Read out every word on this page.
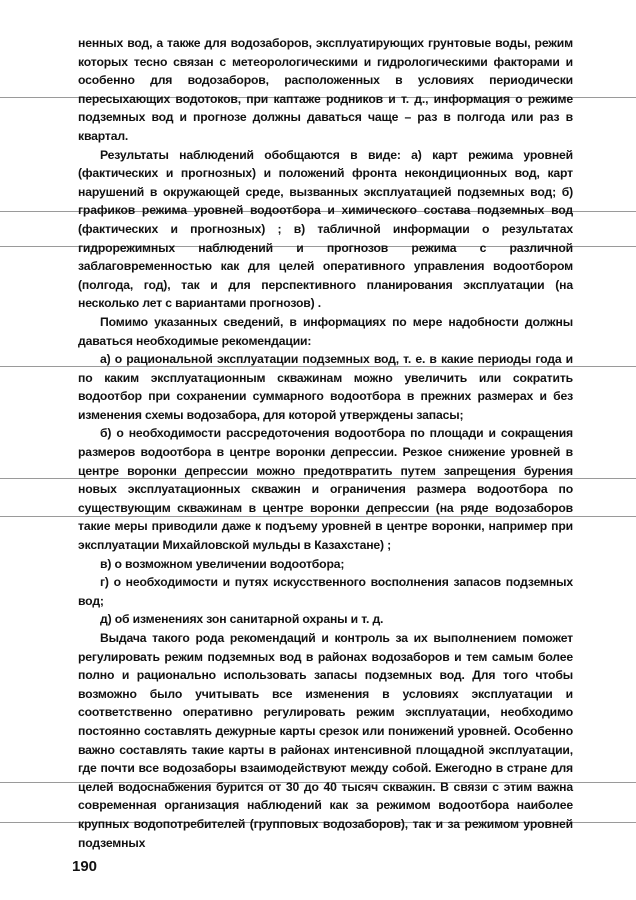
ненных вод, а также для водозаборов, эксплуатирующих грунтовые воды, режим которых тесно связан с метеорологическими и гидрологическими факторами и особенно для водозаборов, расположенных в условиях периодически пересыхающих водотоков, при каптаже родников и т. д., информация о режиме подземных вод и прогнозе должны даваться чаще – раз в полгода или раз в квартал.

Результаты наблюдений обобщаются в виде: а) карт режима уровней (фактических и прогнозных) и положений фронта некондиционных вод, карт нарушений в окружающей среде, вызванных эксплуатацией подземных вод; б) графиков режима уровней водоотбора и химического состава подземных вод (фактических и прогнозных) ; в) табличной информации о результатах гидрорежимных наблюдений и прогнозов режима с различной заблаговременностью как для целей оперативного управления водоотбором (полгода, год), так и для перспективного планирования эксплуатации (на несколько лет с вариантами прогнозов) .

Помимо указанных сведений, в информациях по мере надобности должны даваться необходимые рекомендации:

а) о рациональной эксплуатации подземных вод, т. е. в какие периоды года и по каким эксплуатационным скважинам можно увеличить или сократить водоотбор при сохранении суммарного водоотбора в прежних размерах и без изменения схемы водозабора, для которой утверждены запасы;

б) о необходимости рассредоточения водоотбора по площади и сокращения размеров водоотбора в центре воронки депрессии. Резкое снижение уровней в центре воронки депрессии можно предотвратить путем запрещения бурения новых эксплуатационных скважин и ограничения размера водоотбора по существующим скважинам в центре воронки депрессии (на ряде водозаборов такие меры приводили даже к подъему уровней в центре воронки, например при эксплуатации Михайловской мульды в Казахстане) ;

в) о возможном увеличении водоотбора;

г) о необходимости и путях искусственного восполнения запасов подземных вод;

д) об изменениях зон санитарной охраны и т. д.

Выдача такого рода рекомендаций и контроль за их выполнением поможет регулировать режим подземных вод в районах водозаборов и тем самым более полно и рационально использовать запасы подземных вод. Для того чтобы возможно было учитывать все изменения в условиях эксплуатации и соответственно оперативно регулировать режим эксплуатации, необходимо постоянно составлять дежурные карты срезок или понижений уровней. Особенно важно составлять такие карты в районах интенсивной площадной эксплуатации, где почти все водозаборы взаимодействуют между собой. Ежегодно в стране для целей водоснабжения бурится от 30 до 40 тысяч скважин. В связи с этим важна современная организация наблюдений как за режимом водоотбора наиболее крупных водопотребителей (групповых водозаборов), так и за режимом уровней подземных

190
